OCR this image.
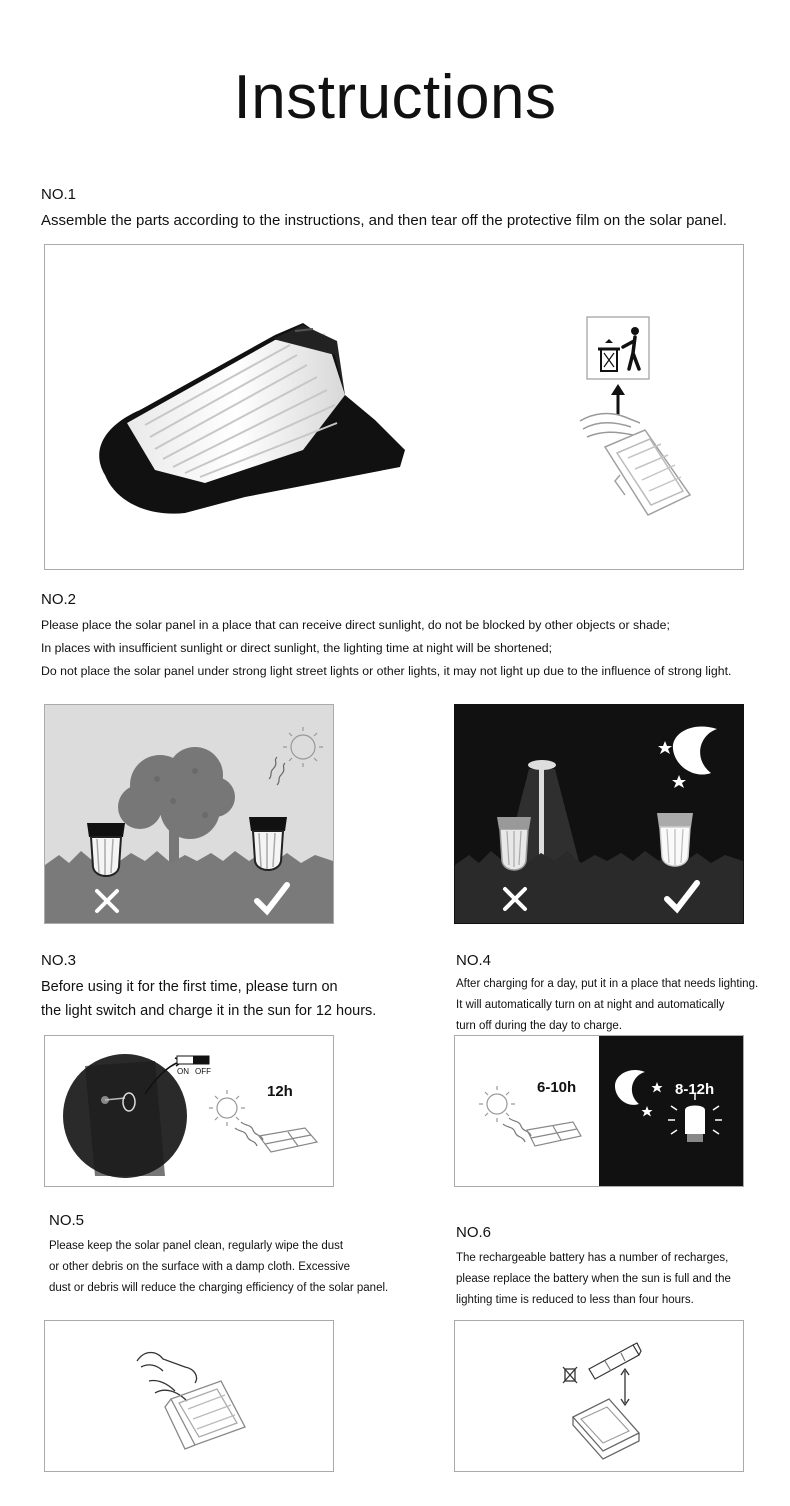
Instructions
NO.1
Assemble the parts according to the instructions, and then tear off the protective film on the solar panel.
NO.2
Please place the solar panel in a place that can receive direct sunlight, do not be blocked by other objects or shade;
In places with insufficient sunlight or direct sunlight, the lighting time at night will be shortened;
Do not place the solar panel under strong light street lights or other lights, it may not light up due to the influence of strong light.
NO.3
Before using it for the first time, please turn on
the light switch and charge it in the sun for 12 hours.
ON OFF
12h
NO.4
After charging for a day, put it in a place that needs lighting.
It will automatically turn on at night and automatically
turn off during the day to charge.
6-10h	8-12h
NO.5
Please keep the solar panel clean, regularly wipe the dust
or other debris on the surface with a damp cloth. Excessive
dust or debris will reduce the charging efficiency of the solar panel.
NO.6
The rechargeable battery has a number of recharges,
please replace the battery when the sun is full and the
lighting time is reduced to less than four hours.
